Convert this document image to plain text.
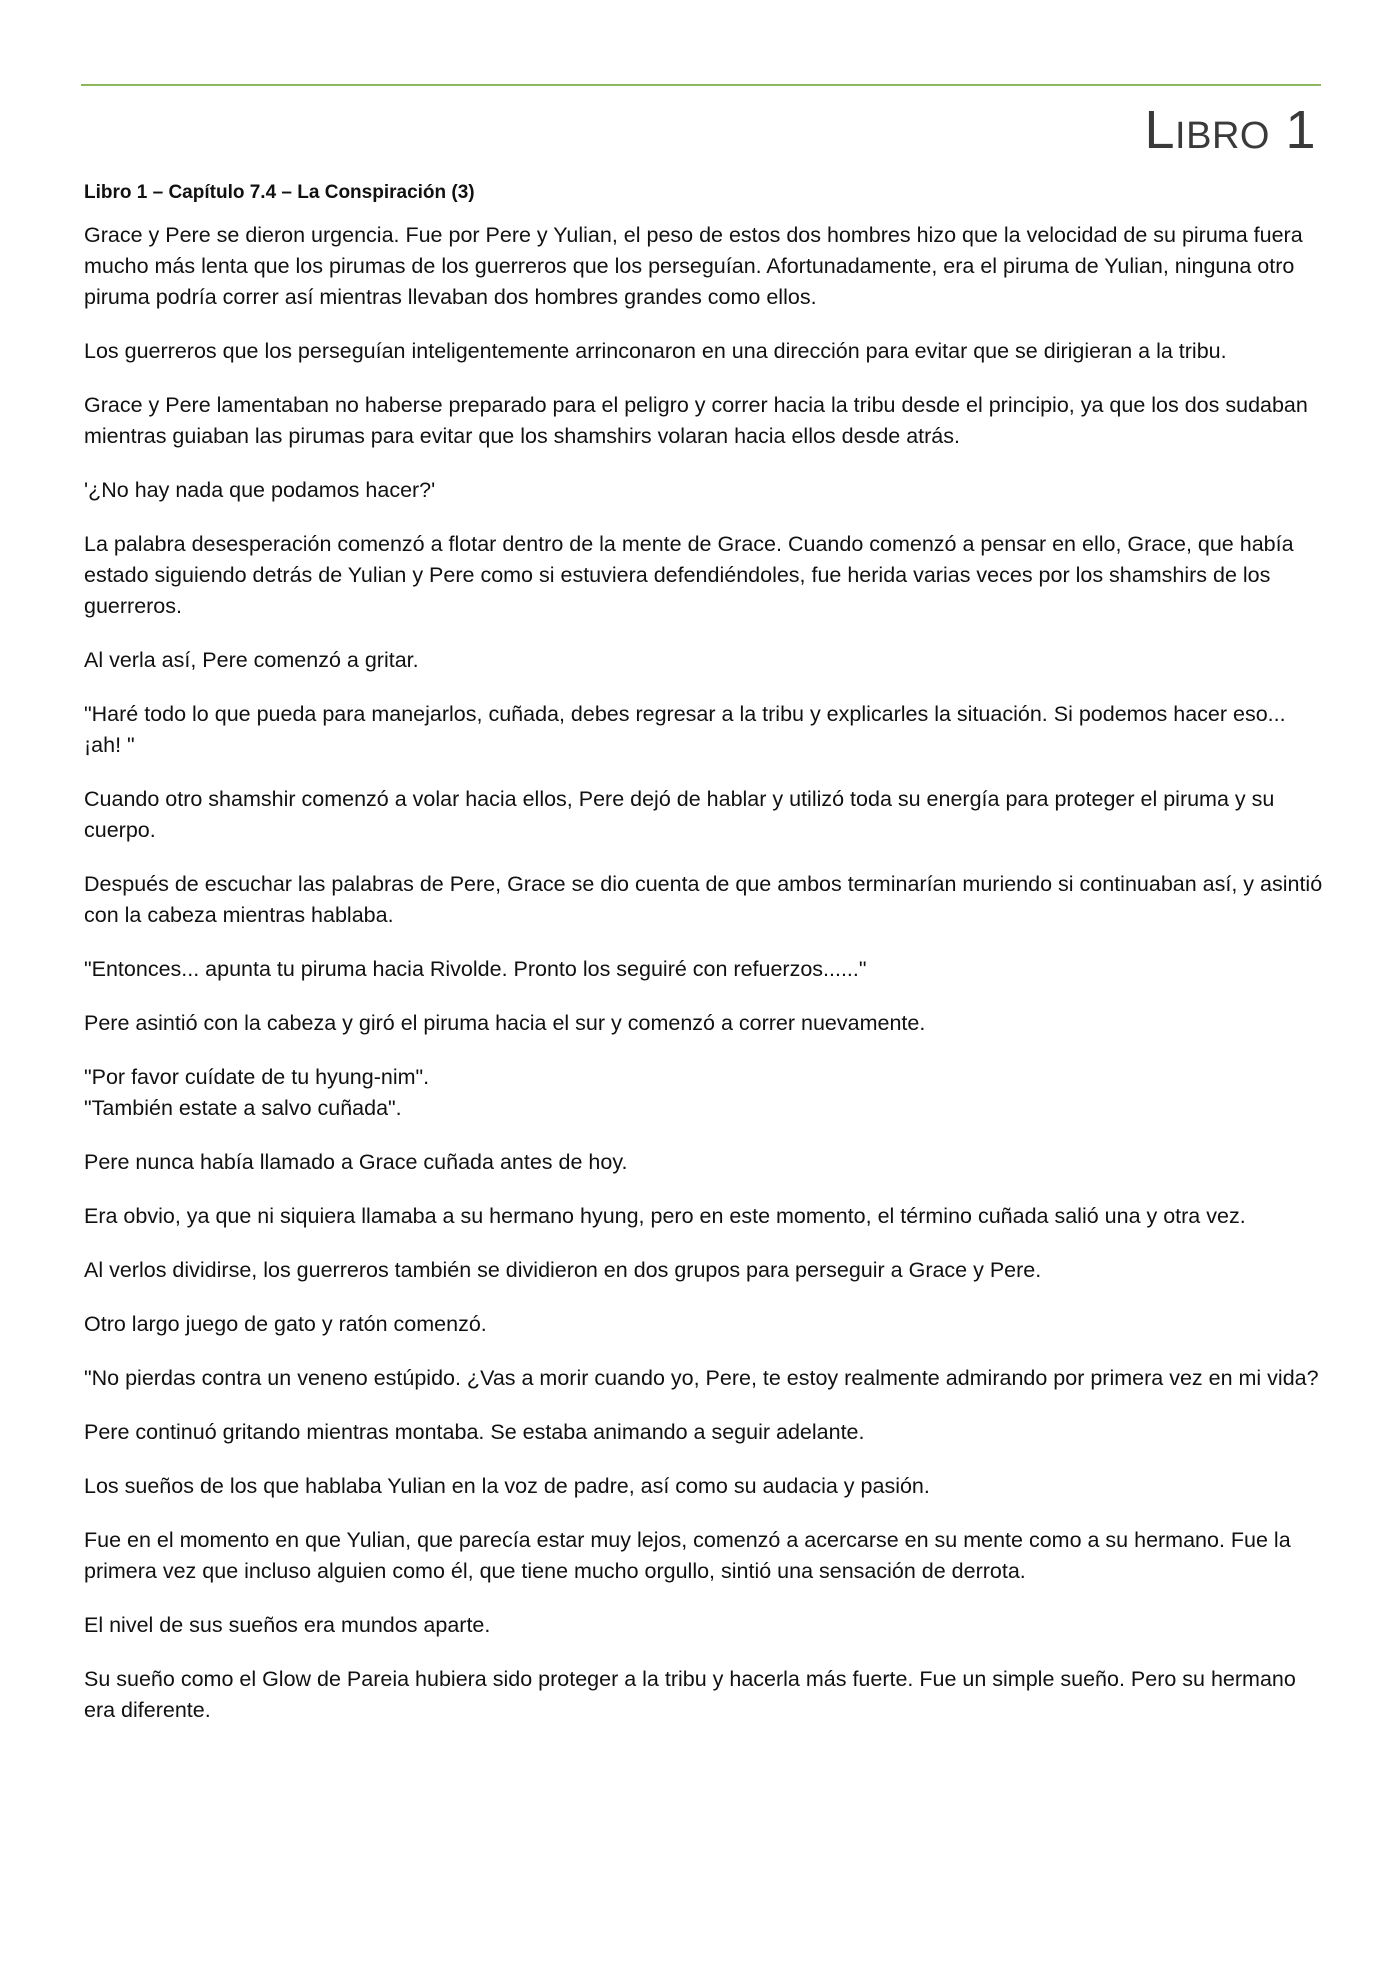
Libro 1
Libro 1 – Capítulo 7.4 – La Conspiración (3)

Grace y Pere se dieron urgencia. Fue por Pere y Yulian, el peso de estos dos hombres hizo que la velocidad de su piruma fuera mucho más lenta que los pirumas de los guerreros que los perseguían. Afortunadamente, era el piruma de Yulian, ninguna otro piruma podría correr así mientras llevaban dos hombres grandes como ellos.

Los guerreros que los perseguían inteligentemente arrinconaron en una dirección para evitar que se dirigieran a la tribu.

Grace y Pere lamentaban no haberse preparado para el peligro y correr hacia la tribu desde el principio, ya que los dos sudaban mientras guiaban las pirumas para evitar que los shamshirs volaran hacia ellos desde atrás.

'¿No hay nada que podamos hacer?'

La palabra desesperación comenzó a flotar dentro de la mente de Grace. Cuando comenzó a pensar en ello, Grace, que había estado siguiendo detrás de Yulian y Pere como si estuviera defendiéndoles, fue herida varias veces por los shamshirs de los guerreros.

Al verla así, Pere comenzó a gritar.

"Haré todo lo que pueda para manejarlos, cuñada, debes regresar a la tribu y explicarles la situación. Si podemos hacer eso... ¡ah! "

Cuando otro shamshir comenzó a volar hacia ellos, Pere dejó de hablar y utilizó toda su energía para proteger el piruma y su cuerpo.

Después de escuchar las palabras de Pere, Grace se dio cuenta de que ambos terminarían muriendo si continuaban así, y asintió con la cabeza mientras hablaba.

"Entonces... apunta tu piruma hacia Rivolde. Pronto los seguiré con refuerzos......"

Pere asintió con la cabeza y giró el piruma hacia el sur y comenzó a correr nuevamente.

"Por favor cuídate de tu hyung-nim".
"También estate a salvo cuñada".

Pere nunca había llamado a Grace cuñada antes de hoy.

Era obvio, ya que ni siquiera llamaba a su hermano hyung, pero en este momento, el término cuñada salió una y otra vez.

Al verlos dividirse, los guerreros también se dividieron en dos grupos para perseguir a Grace y Pere.

Otro largo juego de gato y ratón comenzó.

"No pierdas contra un veneno estúpido. ¿Vas a morir cuando yo, Pere, te estoy realmente admirando por primera vez en mi vida?

Pere continuó gritando mientras montaba. Se estaba animando a seguir adelante.

Los sueños de los que hablaba Yulian en la voz de padre, así como su audacia y pasión.

Fue en el momento en que Yulian, que parecía estar muy lejos, comenzó a acercarse en su mente como a su hermano. Fue la primera vez que incluso alguien como él, que tiene mucho orgullo, sintió una sensación de derrota.

El nivel de sus sueños era mundos aparte.

Su sueño como el Glow de Pareia hubiera sido proteger a la tribu y hacerla más fuerte. Fue un simple sueño. Pero su hermano era diferente.
